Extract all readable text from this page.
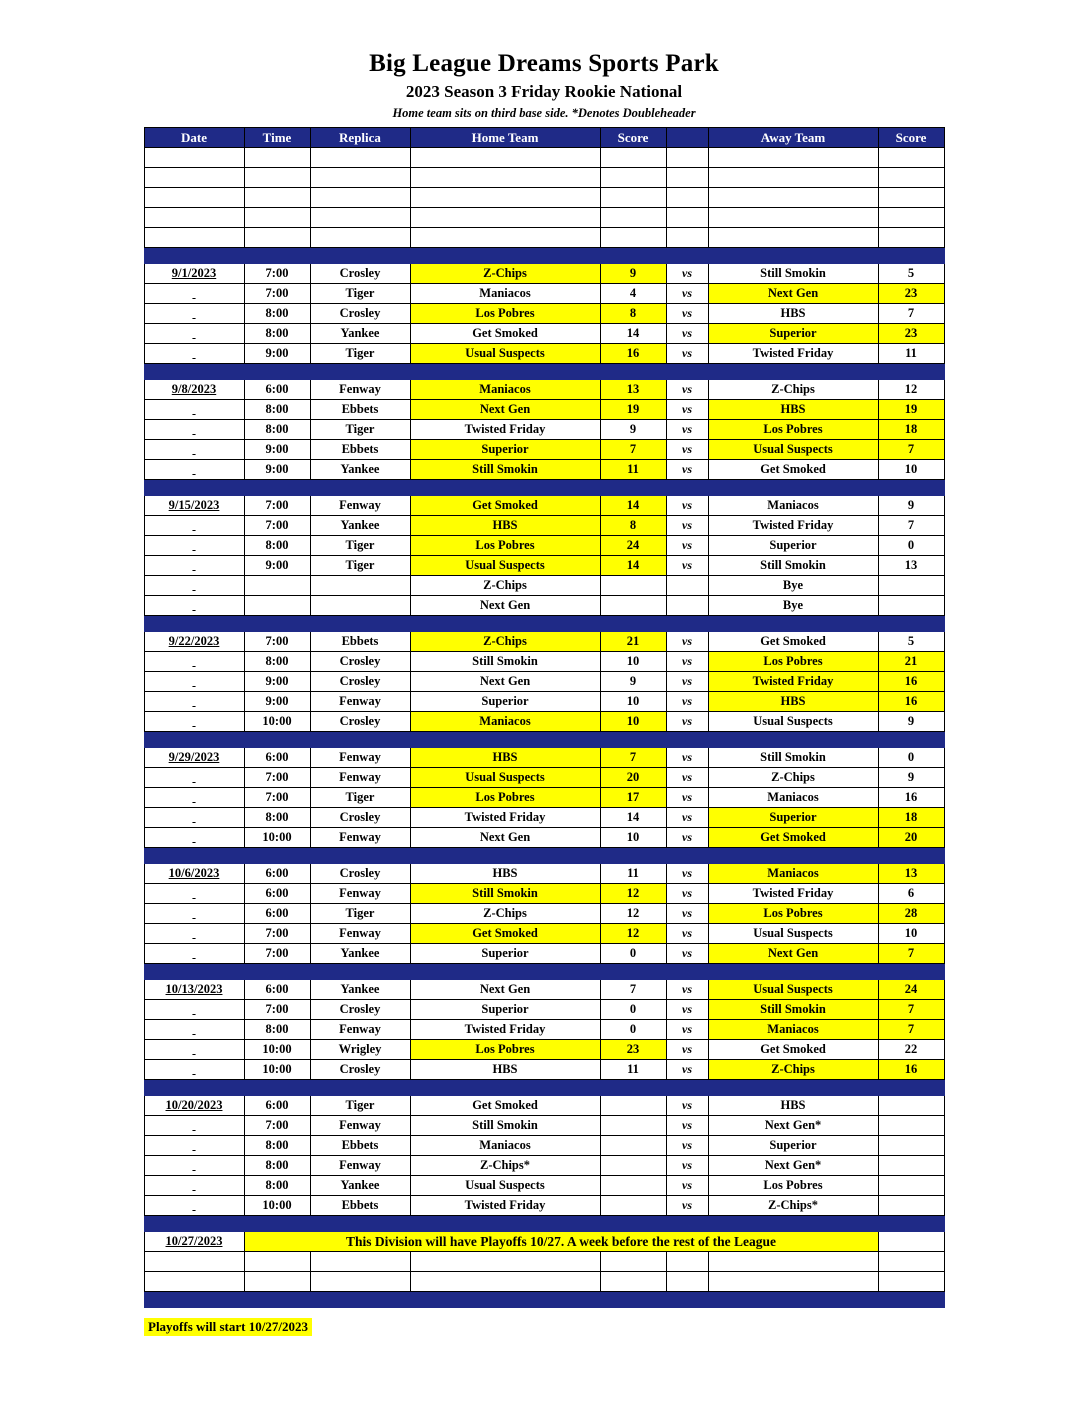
Big League Dreams Sports Park
2023 Season 3 Friday Rookie National
Home team sits on third base side. *Denotes Doubleheader
Date	Time	Replica	Home Team	Score		Away Team	Score

9/1/2023	7:00	Crosley	Z-Chips	9	vs	Still Smokin	5
	7:00	Tiger	Maniacos	4	vs	Next Gen	23
	8:00	Crosley	Los Pobres	8	vs	HBS	7
	8:00	Yankee	Get Smoked	14	vs	Superior	23
	9:00	Tiger	Usual Suspects	16	vs	Twisted Friday	11

9/8/2023	6:00	Fenway	Maniacos	13	vs	Z-Chips	12
	8:00	Ebbets	Next Gen	19	vs	HBS	19
	8:00	Tiger	Twisted Friday	9	vs	Los Pobres	18
	9:00	Ebbets	Superior	7	vs	Usual Suspects	7
	9:00	Yankee	Still Smokin	11	vs	Get Smoked	10

9/15/2023	7:00	Fenway	Get Smoked	14	vs	Maniacos	9
	7:00	Yankee	HBS	8	vs	Twisted Friday	7
	8:00	Tiger	Los Pobres	24	vs	Superior	0
	9:00	Tiger	Usual Suspects	14	vs	Still Smokin	13
			Z-Chips			Bye	
			Next Gen			Bye	

9/22/2023	7:00	Ebbets	Z-Chips	21	vs	Get Smoked	5
	8:00	Crosley	Still Smokin	10	vs	Los Pobres	21
	9:00	Crosley	Next Gen	9	vs	Twisted Friday	16
	9:00	Fenway	Superior	10	vs	HBS	16
	10:00	Crosley	Maniacos	10	vs	Usual Suspects	9

9/29/2023	6:00	Fenway	HBS	7	vs	Still Smokin	0
	7:00	Fenway	Usual Suspects	20	vs	Z-Chips	9
	7:00	Tiger	Los Pobres	17	vs	Maniacos	16
	8:00	Crosley	Twisted Friday	14	vs	Superior	18
	10:00	Fenway	Next Gen	10	vs	Get Smoked	20

10/6/2023	6:00	Crosley	HBS	11	vs	Maniacos	13
	6:00	Fenway	Still Smokin	12	vs	Twisted Friday	6
	6:00	Tiger	Z-Chips	12	vs	Los Pobres	28
	7:00	Fenway	Get Smoked	12	vs	Usual Suspects	10
	7:00	Yankee	Superior	0	vs	Next Gen	7

10/13/2023	6:00	Yankee	Next Gen	7	vs	Usual Suspects	24
	7:00	Crosley	Superior	0	vs	Still Smokin	7
	8:00	Fenway	Twisted Friday	0	vs	Maniacos	7
	10:00	Wrigley	Los Pobres	23	vs	Get Smoked	22
	10:00	Crosley	HBS	11	vs	Z-Chips	16

10/20/2023	6:00	Tiger	Get Smoked		vs	HBS	
	7:00	Fenway	Still Smokin		vs	Next Gen*	
	8:00	Ebbets	Maniacos		vs	Superior	
	8:00	Fenway	Z-Chips*		vs	Next Gen*	
	8:00	Yankee	Usual Suspects		vs	Los Pobres	
	10:00	Ebbets	Twisted Friday		vs	Z-Chips*	

10/27/2023	This Division will have Playoffs 10/27. A week before the rest of the League						

Playoffs will start 10/27/2023
